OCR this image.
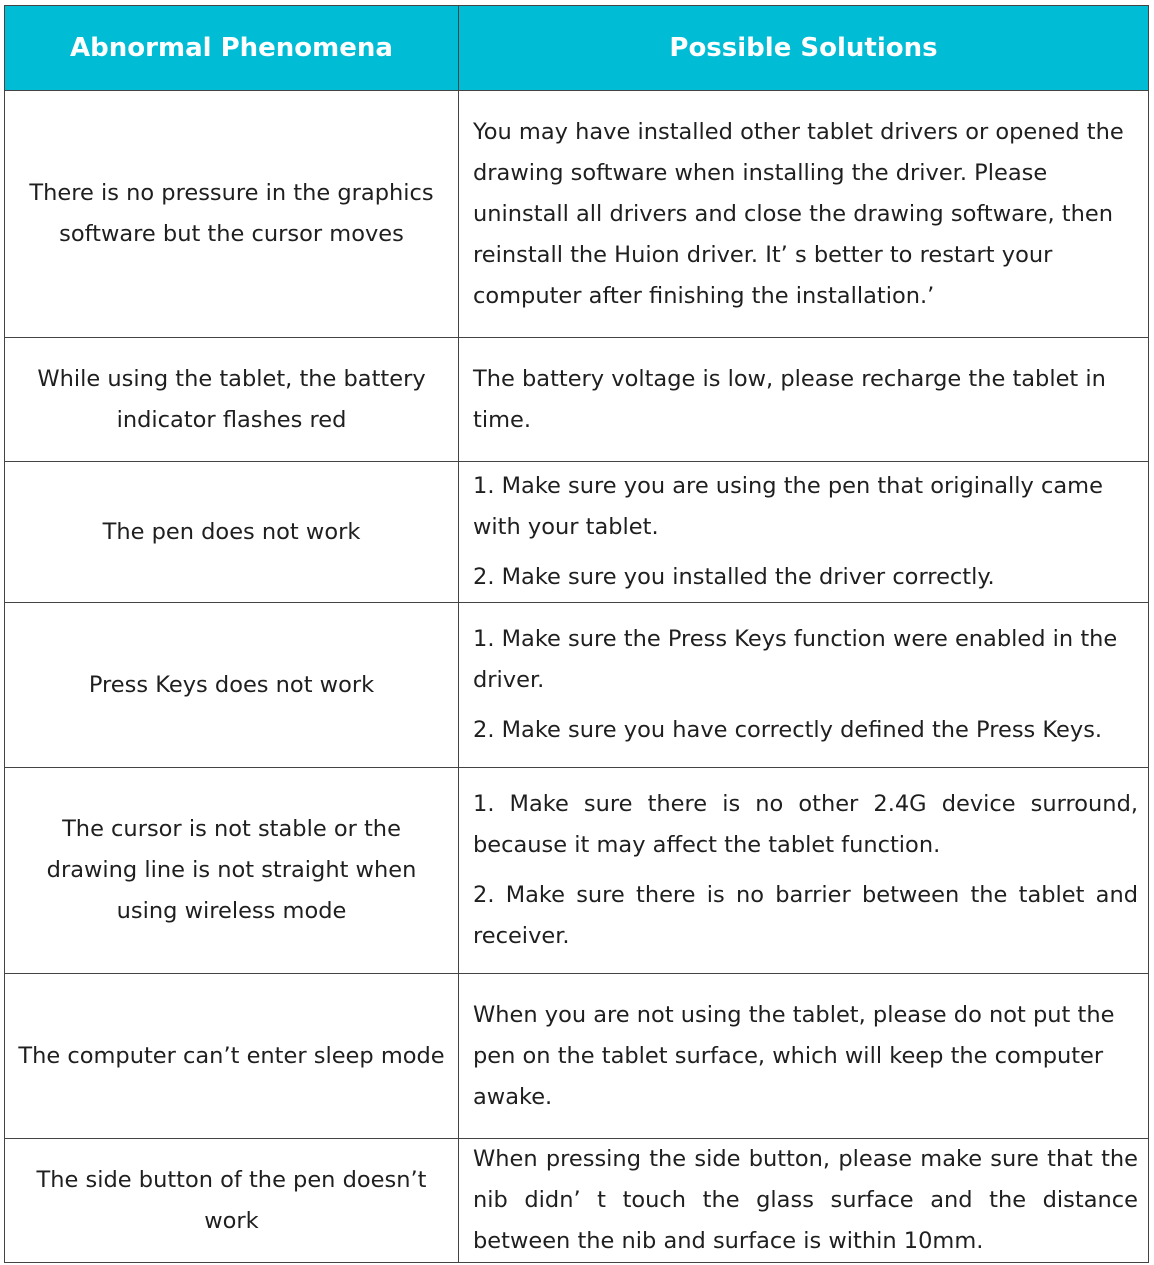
Abnormal Phenomena	Possible Solutions
There is no pressure in the graphics software but the cursor moves	You may have installed other tablet drivers or opened the drawing software when installing the driver. Please uninstall all drivers and close the drawing software, then reinstall the Huion driver. It’ s better to restart your computer after finishing the installation.’

While using the tablet, the battery indicator flashes red	The battery voltage is low, please recharge the tablet in time.

The pen does not work	1. Make sure you are using the pen that originally came with your tablet.

2. Make sure you installed the driver correctly.

Press Keys does not work	1. Make sure the Press Keys function were enabled in the driver.

2. Make sure you have correctly defined the Press Keys.

The cursor is not stable or the drawing line is not straight when using wireless mode	1. Make sure there is no other 2.4G device surround, because it may affect the tablet function.

2. Make sure there is no barrier between the tablet and receiver.

The computer can’t enter sleep mode	When you are not using the tablet, please do not put the pen on the tablet surface, which will keep the computer awake.

The side button of the pen doesn’t work	When pressing the side button, please make sure that the nib didn’ t touch the glass surface and the distance between the nib and surface is within 10mm.
